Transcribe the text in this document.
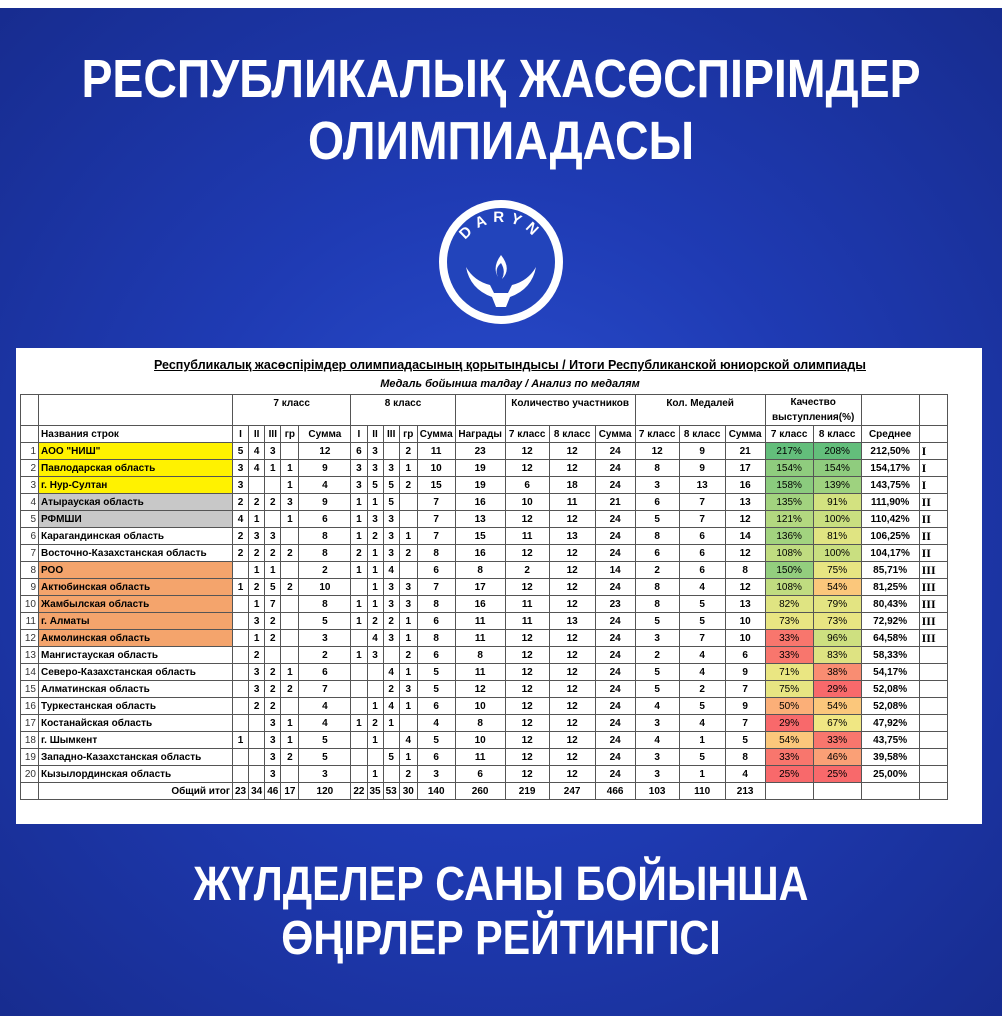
РЕСПУБЛИКАЛЫҚ ЖАСӨСПІРІМДЕР
ОЛИМПИАДАСЫ
DARYN
Республикалық жасөспірімдер олимпиадасының қорытындысы / Итоги Республиканской юниорской олимпиады
Медаль бойынша талдау / Анализ по медалям
		7 класс					8 класс						Количество участников			Кол. Медалей			Качество выступления(%)			

	Названия строк	I	II	III	гр	Сумма	I	II	III	гр	Сумма	Награды	7 класс	8 класс	Сумма	7 класс	8 класс	Сумма	7 класс	8 класс	Среднее	
1	АОО "НИШ"	5	4	3		12	6	3		2	11	23	12	12	24	12	9	21	217%	208%	212,50%	I
2	Павлодарская область	3	4	1	1	9	3	3	3	1	10	19	12	12	24	8	9	17	154%	154%	154,17%	I
3	г. Нур-Султан	3			1	4	3	5	5	2	15	19	6	18	24	3	13	16	158%	139%	143,75%	I
4	Атырауская область	2	2	2	3	9	1	1	5		7	16	10	11	21	6	7	13	135%	91%	111,90%	II
5	РФМШИ	4	1		1	6	1	3	3		7	13	12	12	24	5	7	12	121%	100%	110,42%	II
6	Карагандинская область	2	3	3		8	1	2	3	1	7	15	11	13	24	8	6	14	136%	81%	106,25%	II
7	Восточно-Казахстанская область	2	2	2	2	8	2	1	3	2	8	16	12	12	24	6	6	12	108%	100%	104,17%	II
8	РОО		1	1		2	1	1	4		6	8	2	12	14	2	6	8	150%	75%	85,71%	III
9	Актюбинская область	1	2	5	2	10		1	3	3	7	17	12	12	24	8	4	12	108%	54%	81,25%	III
10	Жамбылская область		1	7		8	1	1	3	3	8	16	11	12	23	8	5	13	82%	79%	80,43%	III
11	г. Алматы		3	2		5	1	2	2	1	6	11	11	13	24	5	5	10	73%	73%	72,92%	III
12	Акмолинская область		1	2		3		4	3	1	8	11	12	12	24	3	7	10	33%	96%	64,58%	III
13	Мангистауская область		2			2	1	3		2	6	8	12	12	24	2	4	6	33%	83%	58,33%	
14	Северо-Казахстанская область		3	2	1	6			4	1	5	11	12	12	24	5	4	9	71%	38%	54,17%	
15	Алматинская область		3	2	2	7			2	3	5	12	12	12	24	5	2	7	75%	29%	52,08%	
16	Туркестанская область		2	2		4		1	4	1	6	10	12	12	24	4	5	9	50%	54%	52,08%	
17	Костанайская область			3	1	4	1	2	1		4	8	12	12	24	3	4	7	29%	67%	47,92%	
18	г. Шымкент	1		3	1	5		1		4	5	10	12	12	24	4	1	5	54%	33%	43,75%	
19	Западно-Казахстанская область			3	2	5			5	1	6	11	12	12	24	3	5	8	33%	46%	39,58%	
20	Кызылординская область			3		3		1		2	3	6	12	12	24	3	1	4	25%	25%	25,00%	
	Общий итог	23	34	46	17	120	22	35	53	30	140	260	219	247	466	103	110	213				
ЖҮЛДЕЛЕР САНЫ БОЙЫНША
ӨҢІРЛЕР РЕЙТИНГІСІ
